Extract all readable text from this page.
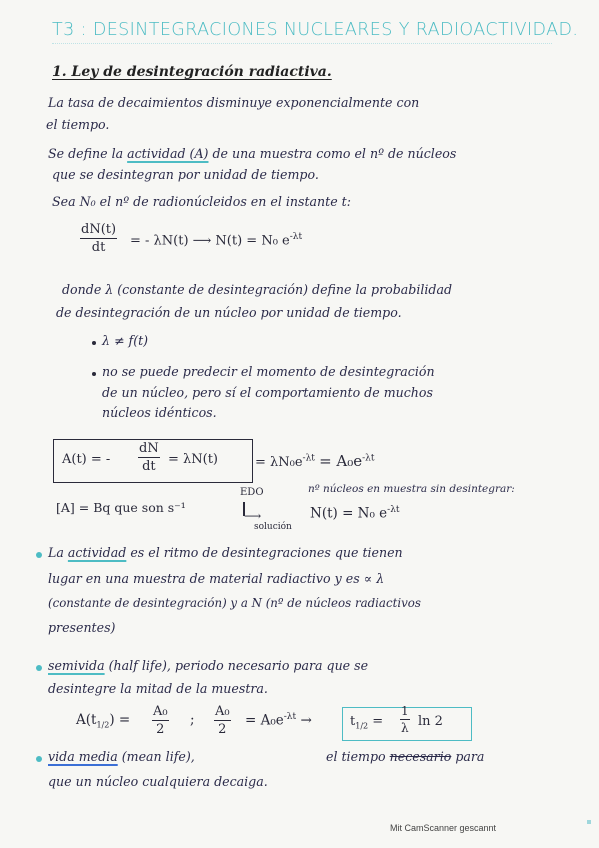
T3 : DESINTEGRACIONES NUCLEARES Y RADIOACTIVIDAD.
1. Ley de desintegración radiactiva.
La tasa de decaimientos disminuye exponencialmente con
el tiempo.
Se define la actividad (A) de una muestra como el nº de núcleos
que se desintegran por unidad de tiempo.
Sea N₀ el nº de radionúcleidos en el instante t:
dN(t)
dt	= - λN(t) ⟶ N(t) = N₀ $e^{-\lambda t}$
donde λ (constante de desintegración) define la probabilidad
de desintegración de un núcleo por unidad de tiempo.
λ ≠ f(t)
no se puede predecir el momento de desintegración
de un núcleo, pero sí el comportamiento de muchos
núcleos idénticos.
A(t) = -
dN
dt = λN(t)	= $\lambda N_0e^{-\lambda t} = A_0e^{-\lambda t}$
EDO
[A] = Bq que son s⁻¹
⟶
solución
nº núcleos en muestra sin desintegrar:
N(t) = N₀ $e^{-\lambda t}$
La actividad es el ritmo de desintegraciones que tienen
lugar en una muestra de material radiactivo y es ∝ λ
(constante de desintegración) y a N (nº de núcleos radiactivos
presentes)
semivida (half life), periodo necesario para que se
desintegre la mitad de la muestra.
$A(t_{1/2})$ =
A₀
2
;
A₀
2
= $A_0e^{-\lambda t}$ →	$t_{1/2}$ =
1
λ ln 2
vida media (mean life),	el tiempo necesario para
que un núcleo cualquiera decaiga.
Mit CamScanner gescannt
